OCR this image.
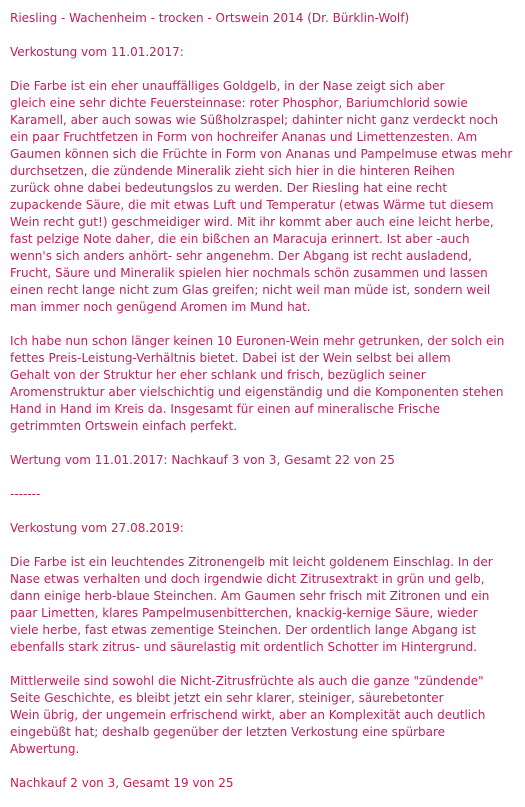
Riesling - Wachenheim - trocken - Ortswein 2014 (Dr. Bürklin-Wolf)
Verkostung vom 11.01.2017:
Die Farbe ist ein eher unauffälliges Goldgelb, in der Nase zeigt sich aber
gleich eine sehr dichte Feuersteinnase: roter Phosphor, Bariumchlorid sowie
Karamell, aber auch sowas wie Süßholzraspel; dahinter nicht ganz verdeckt noch
ein paar Fruchtfetzen in Form von hochreifer Ananas und Limettenzesten. Am
Gaumen können sich die Früchte in Form von Ananas und Pampelmuse etwas mehr
durchsetzen, die zündende Mineralik zieht sich hier in die hinteren Reihen
zurück ohne dabei bedeutungslos zu werden. Der Riesling hat eine recht
zupackende Säure, die mit etwas Luft und Temperatur (etwas Wärme tut diesem
Wein recht gut!) geschmeidiger wird. Mit ihr kommt aber auch eine leicht herbe,
fast pelzige Note daher, die ein bißchen an Maracuja erinnert. Ist aber -auch
wenn's sich anders anhört- sehr angenehm. Der Abgang ist recht ausladend,
Frucht, Säure und Mineralik spielen hier nochmals schön zusammen und lassen
einen recht lange nicht zum Glas greifen; nicht weil man müde ist, sondern weil
man immer noch genügend Aromen im Mund hat.
Ich habe nun schon länger keinen 10 Euronen-Wein mehr getrunken, der solch ein
fettes Preis-Leistung-Verhältnis bietet. Dabei ist der Wein selbst bei allem
Gehalt von der Struktur her eher schlank und frisch, bezüglich seiner
Aromenstruktur aber vielschichtig und eigenständig und die Komponenten stehen
Hand in Hand im Kreis da. Insgesamt für einen auf mineralische Frische
getrimmten Ortswein einfach perfekt.
Wertung vom 11.01.2017: Nachkauf 3 von 3, Gesamt 22 von 25
-------
Verkostung vom 27.08.2019:
Die Farbe ist ein leuchtendes Zitronengelb mit leicht goldenem Einschlag. In der
Nase etwas verhalten und doch irgendwie dicht Zitrusextrakt in grün und gelb,
dann einige herb-blaue Steinchen. Am Gaumen sehr frisch mit Zitronen und ein
paar Limetten, klares Pampelmusenbitterchen, knackig-kernige Säure, wieder
viele herbe, fast etwas zementige Steinchen. Der ordentlich lange Abgang ist
ebenfalls stark zitrus- und säurelastig mit ordentlich Schotter im Hintergrund.
Mittlerweile sind sowohl die Nicht-Zitrusfrüchte als auch die ganze "zündende"
Seite Geschichte, es bleibt jetzt ein sehr klarer, steiniger, säurebetonter
Wein übrig, der ungemein erfrischend wirkt, aber an Komplexität auch deutlich
eingebüßt hat; deshalb gegenüber der letzten Verkostung eine spürbare
Abwertung.
Nachkauf 2 von 3, Gesamt 19 von 25
